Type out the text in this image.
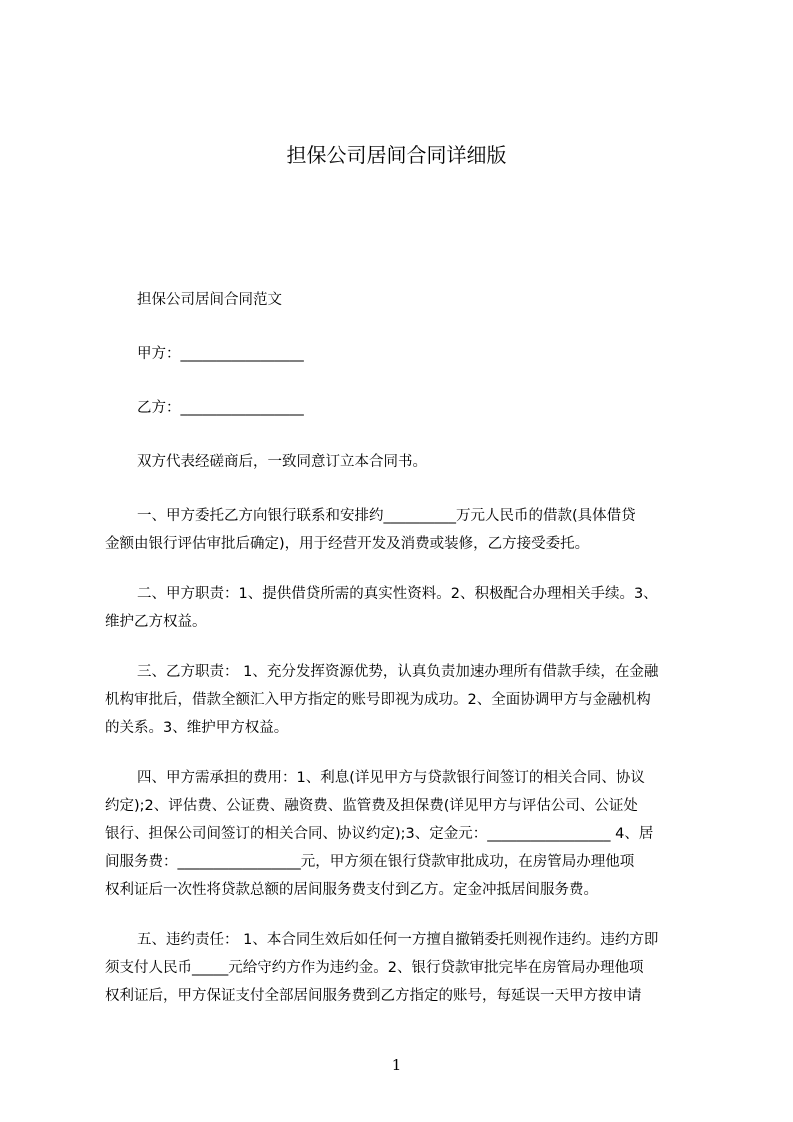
担保公司居间合同详细版

担保公司居间合同范文

甲方：_________________

乙方：_________________

双方代表经磋商后，一致同意订立本合同书。

一、甲方委托乙方向银行联系和安排约__________万元人民币的借款(具体借贷
金额由银行评估审批后确定)，用于经营开发及消费或装修，乙方接受委托。

二、甲方职责：1、提供借贷所需的真实性资料。2、积极配合办理相关手续。3、
维护乙方权益。

三、乙方职责： 1、充分发挥资源优势，认真负责加速办理所有借款手续，在金融
机构审批后，借款全额汇入甲方指定的账号即视为成功。2、全面协调甲方与金融机构
的关系。3、维护甲方权益。

四、甲方需承担的费用：1、利息(详见甲方与贷款银行间签订的相关合同、协议
约定);2、评估费、公证费、融资费、监管费及担保费(详见甲方与评估公司、公证处
银行、担保公司间签订的相关合同、协议约定);3、定金元：_________________ 4、居
间服务费：_________________元，甲方须在银行贷款审批成功，在房管局办理他项
权利证后一次性将贷款总额的居间服务费支付到乙方。定金冲抵居间服务费。

五、违约责任： 1、本合同生效后如任何一方擅自撤销委托则视作违约。违约方即
须支付人民币_____元给守约方作为违约金。2、银行贷款审批完毕在房管局办理他项
权利证后，甲方保证支付全部居间服务费到乙方指定的账号，每延误一天甲方按申请

1
